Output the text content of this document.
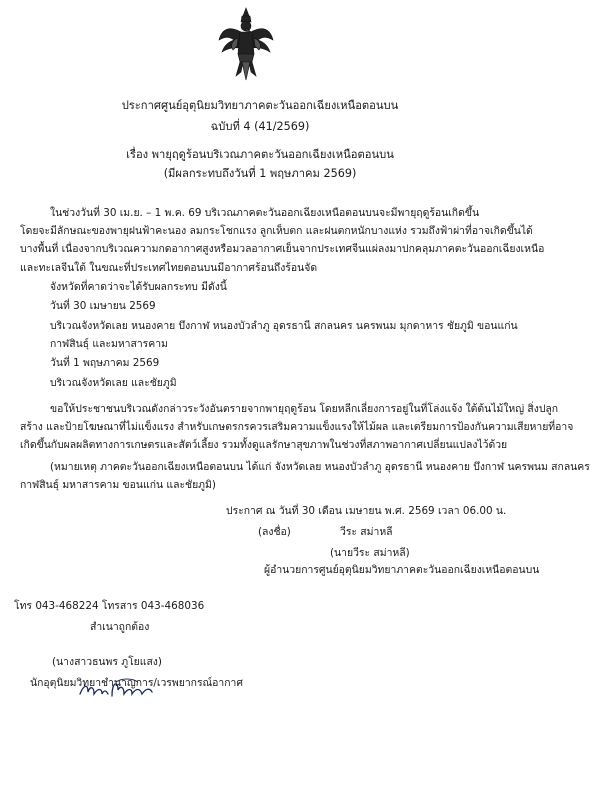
ประกาศศูนย์อุตุนิยมวิทยาภาคตะวันออกเฉียงเหนือตอนบน
ฉบับที่ 4 (41/2569)
เรื่อง พายุฤดูร้อนบริเวณภาคตะวันออกเฉียงเหนือตอนบน
(มีผลกระทบถึงวันที่ 1 พฤษภาคม 2569)
ในช่วงวันที่ 30 เม.ย. – 1 พ.ค. 69 บริเวณภาคตะวันออกเฉียงเหนือตอนบนจะมีพายุฤดูร้อนเกิดขึ้น
โดยจะมีลักษณะของพายุฝนฟ้าคะนอง ลมกระโชกแรง ลูกเห็บตก และฝนตกหนักบางแห่ง รวมถึงฟ้าผ่าที่อาจเกิดขึ้นได้
บางพื้นที่ เนื่องจากบริเวณความกดอากาศสูงหรือมวลอากาศเย็นจากประเทศจีนแผ่ลงมาปกคลุมภาคตะวันออกเฉียงเหนือ
และทะเลจีนใต้ ในขณะที่ประเทศไทยตอนบนมีอากาศร้อนถึงร้อนจัด
จังหวัดที่คาดว่าจะได้รับผลกระทบ มีดังนี้
วันที่ 30 เมษายน 2569
บริเวณจังหวัดเลย หนองคาย บึงกาฬ หนองบัวลำภู อุดรธานี สกลนคร นครพนม มุกดาหาร ชัยภูมิ ขอนแก่น
กาฬสินธุ์ และมหาสารคาม
วันที่ 1 พฤษภาคม 2569
บริเวณจังหวัดเลย และชัยภูมิ
ขอให้ประชาชนบริเวณดังกล่าวระวังอันตรายจากพายุฤดูร้อน โดยหลีกเลี่ยงการอยู่ในที่โล่งแจ้ง ใต้ต้นไม้ใหญ่ สิ่งปลูก
สร้าง และป้ายโฆษณาที่ไม่แข็งแรง สำหรับเกษตรกรควรเสริมความแข็งแรงให้ไม้ผล และเตรียมการป้องกันความเสียหายที่อาจ
เกิดขึ้นกับผลผลิตทางการเกษตรและสัตว์เลี้ยง รวมทั้งดูแลรักษาสุขภาพในช่วงที่สภาพอากาศเปลี่ยนแปลงไว้ด้วย
(หมายเหตุ ภาคตะวันออกเฉียงเหนือตอนบน ได้แก่ จังหวัดเลย หนองบัวลำภู อุดรธานี หนองคาย บึงกาฬ นครพนม สกลนคร
กาฬสินธุ์ มหาสารคาม ขอนแก่น และชัยภูมิ)
ประกาศ ณ วันที่ 30 เดือน เมษายน พ.ศ. 2569 เวลา 06.00 น.
(ลงชื่อ)	วีระ สม่าหลี
(นายวีระ สม่าหลี)
ผู้อำนวยการศูนย์อุตุนิยมวิทยาภาคตะวันออกเฉียงเหนือตอนบน
โทร 043-468224 โทรสาร 043-468036
สำเนาถูกต้อง
(นางสาวธนพร ภูโยแสง)
นักอุตุนิยมวิทยาชำนาญการ/เวรพยากรณ์อากาศ
